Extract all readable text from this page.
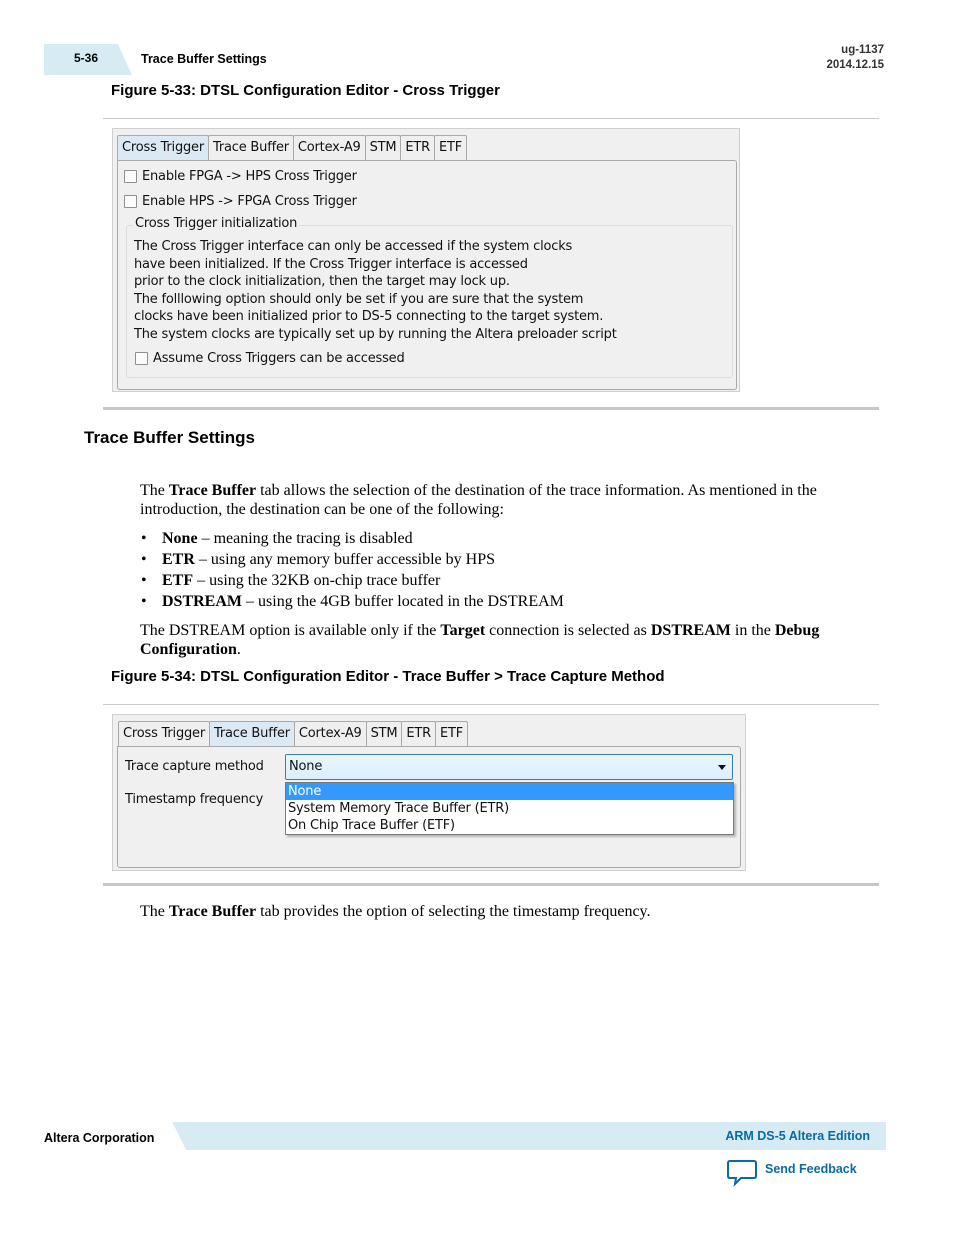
5-36	Trace Buffer Settings
ug-1137
2014.12.15
Figure 5-33: DTSL Configuration Editor - Cross Trigger
Cross Trigger Trace Buffer Cortex-A9 STM ETR ETF
Enable FPGA -> HPS Cross Trigger
Enable HPS -> FPGA Cross Trigger
Cross Trigger initialization
The Cross Trigger interface can only be accessed if the system clocks
have been initialized. If the Cross Trigger interface is accessed
prior to the clock initialization, then the target may lock up.
The folllowing option should only be set if you are sure that the system
clocks have been initialized prior to DS-5 connecting to the target system.
The system clocks are typically set up by running the Altera preloader script
Assume Cross Triggers can be accessed
Trace Buffer Settings
The Trace Buffer tab allows the selection of the destination of the trace information. As mentioned in the introduction, the destination can be one of the following:
• None – meaning the tracing is disabled
• ETR – using any memory buffer accessible by HPS
• ETF – using the 32KB on-chip trace buffer
• DSTREAM – using the 4GB buffer located in the DSTREAM
The DSTREAM option is available only if the Target connection is selected as DSTREAM in the Debug Configuration.
Figure 5-34: DTSL Configuration Editor - Trace Buffer > Trace Capture Method
Cross Trigger Trace Buffer Cortex-A9 STM ETR ETF
Trace capture method
Timestamp frequency
None
None
System Memory Trace Buffer (ETR)
On Chip Trace Buffer (ETF)
The Trace Buffer tab provides the option of selecting the timestamp frequency.
Altera Corporation	ARM DS-5 Altera Edition
Send Feedback
